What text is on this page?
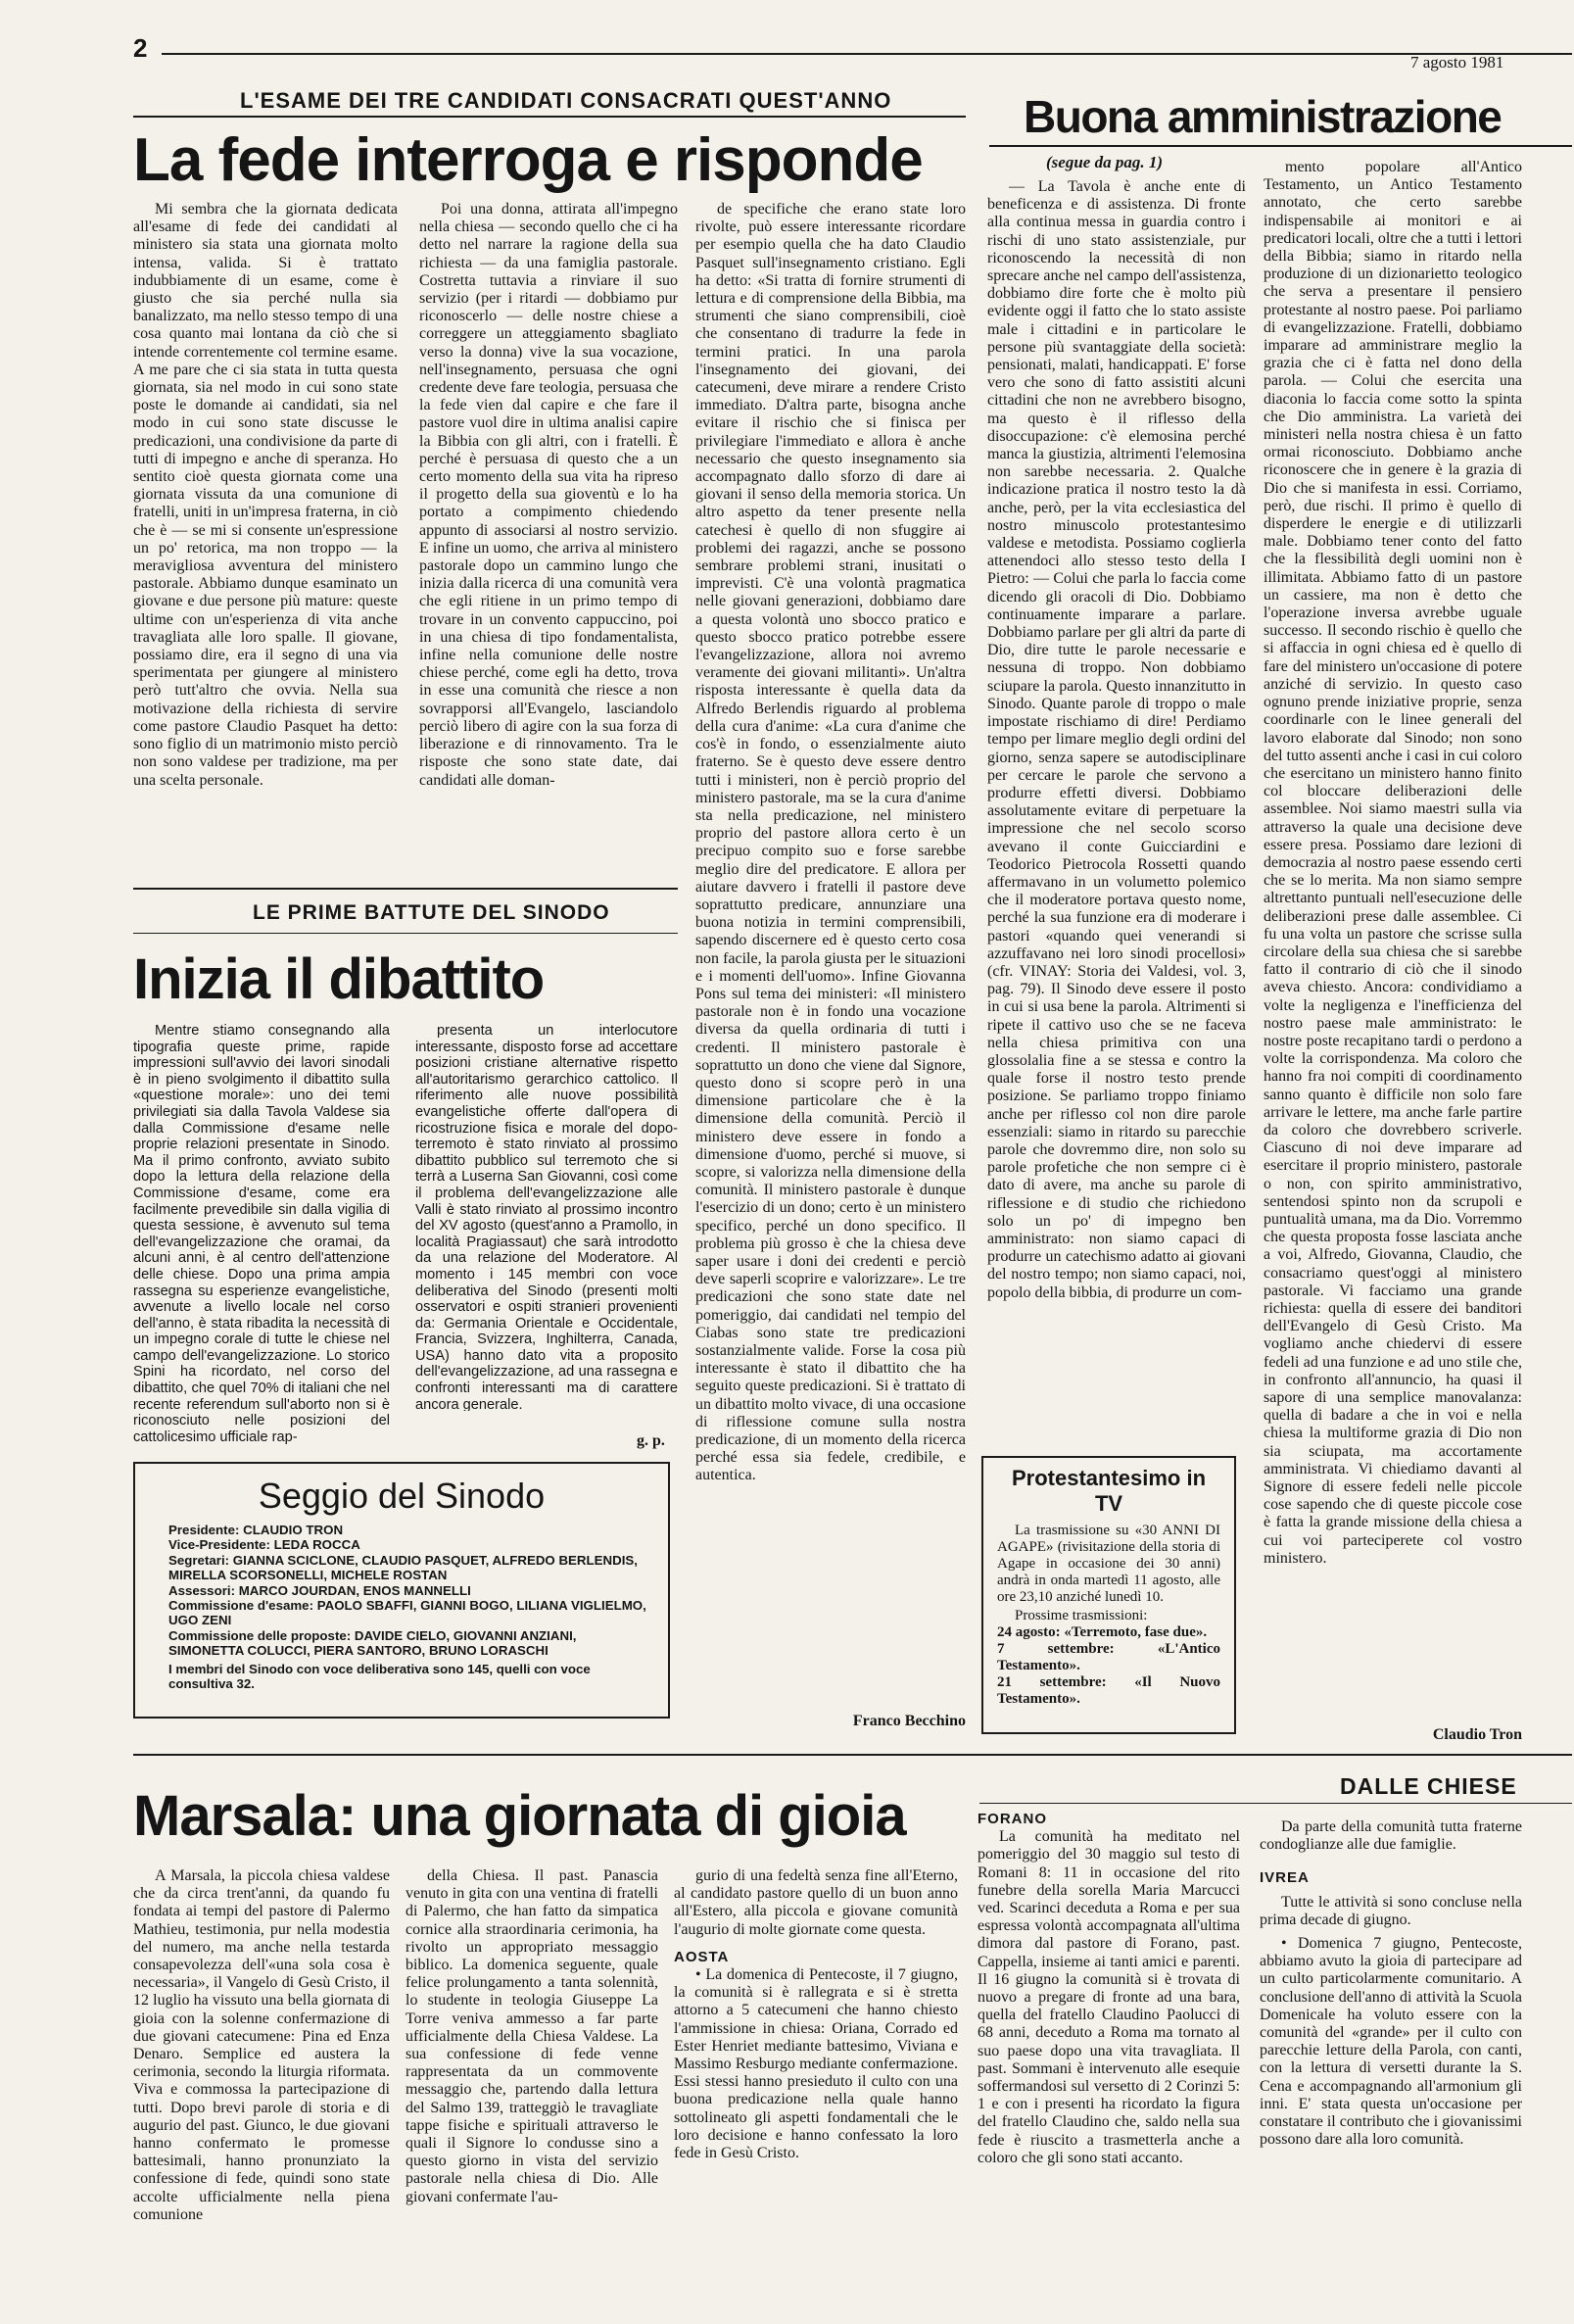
2	7 agosto 1981
L'ESAME DEI TRE CANDIDATI CONSACRATI QUEST'ANNO
La fede interroga e risponde

Mi sembra che la giornata dedicata all'esame di fede dei candidati al ministero sia stata una giornata molto intensa, valida. Si è trattato indubbiamente di un esame, come è giusto che sia perché nulla sia banalizzato, ma nello stesso tempo di una cosa quanto mai lontana da ciò che si intende correntemente col termine esame. A me pare che ci sia stata in tutta questa giornata, sia nel modo in cui sono state poste le domande ai candidati, sia nel modo in cui sono state discusse le predicazioni, una condivisione da parte di tutti di impegno e anche di speranza. Ho sentito cioè questa giornata come una giornata vissuta da una comunione di fratelli, uniti in un'impresa fraterna, in ciò che è — se mi si consente un'espressione un po' retorica, ma non troppo — la meravigliosa avventura del ministero pastorale. Abbiamo dunque esaminato un giovane e due persone più mature: queste ultime con un'esperienza di vita anche travagliata alle loro spalle. Il giovane, possiamo dire, era il segno di una via sperimentata per giungere al ministero però tutt'altro che ovvia. Nella sua motivazione della richiesta di servire come pastore Claudio Pasquet ha detto: sono figlio di un matrimonio misto perciò non sono valdese per tradizione, ma per una scelta personale.

Poi una donna, attirata all'impegno nella chiesa — secondo quello che ci ha detto nel narrare la ragione della sua richiesta — da una famiglia pastorale. Costretta tuttavia a rinviare il suo servizio (per i ritardi — dobbiamo pur riconoscerlo — delle nostre chiese a correggere un atteggiamento sbagliato verso la donna) vive la sua vocazione, nell'insegnamento, persuasa che ogni credente deve fare teologia, persuasa che la fede vien dal capire e che fare il pastore vuol dire in ultima analisi capire la Bibbia con gli altri, con i fratelli. È perché è persuasa di questo che a un certo momento della sua vita ha ripreso il progetto della sua gioventù e lo ha portato a compimento chiedendo appunto di associarsi al nostro servizio. E infine un uomo, che arriva al ministero pastorale dopo un cammino lungo che inizia dalla ricerca di una comunità vera che egli ritiene in un primo tempo di trovare in un convento cappuccino, poi in una chiesa di tipo fondamentalista, infine nella comunione delle nostre chiese perché, come egli ha detto, trova in esse una comunità che riesce a non sovrapporsi all'Evangelo, lasciandolo perciò libero di agire con la sua forza di liberazione e di rinnovamento. Tra le risposte che sono state date, dai candidati alle doman-

de specifiche che erano state loro rivolte, può essere interessante ricordare per esempio quella che ha dato Claudio Pasquet sull'insegnamento cristiano. Egli ha detto: «Si tratta di fornire strumenti di lettura e di comprensione della Bibbia, ma strumenti che siano comprensibili, cioè che consentano di tradurre la fede in termini pratici. In una parola l'insegnamento dei giovani, dei catecumeni, deve mirare a rendere Cristo immediato. D'altra parte, bisogna anche evitare il rischio che si finisca per privilegiare l'immediato e allora è anche necessario che questo insegnamento sia accompagnato dallo sforzo di dare ai giovani il senso della memoria storica. Un altro aspetto da tener presente nella catechesi è quello di non sfuggire ai problemi dei ragazzi, anche se possono sembrare problemi strani, inusitati o imprevisti. C'è una volontà pragmatica nelle giovani generazioni, dobbiamo dare a questa volontà uno sbocco pratico e questo sbocco pratico potrebbe essere l'evangelizzazione, allora noi avremo veramente dei giovani militanti». Un'altra risposta interessante è quella data da Alfredo Berlendis riguardo al problema della cura d'anime: «La cura d'anime che cos'è in fondo, o essenzialmente aiuto fraterno. Se è questo deve essere dentro tutti i ministeri, non è perciò proprio del ministero pastorale, ma se la cura d'anime sta nella predicazione, nel ministero proprio del pastore allora certo è un precipuo compito suo e forse sarebbe meglio dire del predicatore. E allora per aiutare davvero i fratelli il pastore deve soprattutto predicare, annunziare una buona notizia in termini comprensibili, sapendo discernere ed è questo certo cosa non facile, la parola giusta per le situazioni e i momenti dell'uomo». Infine Giovanna Pons sul tema dei ministeri: «Il ministero pastorale non è in fondo una vocazione diversa da quella ordinaria di tutti i credenti. Il ministero pastorale è soprattutto un dono che viene dal Signore, questo dono si scopre però in una dimensione particolare che è la dimensione della comunità. Perciò il ministero deve essere in fondo a dimensione d'uomo, perché si muove, si scopre, si valorizza nella dimensione della comunità. Il ministero pastorale è dunque l'esercizio di un dono; certo è un ministero specifico, perché un dono specifico. Il problema più grosso è che la chiesa deve saper usare i doni dei credenti e perciò deve saperli scoprire e valorizzare». Le tre predicazioni che sono state date nel pomeriggio, dai candidati nel tempio del Ciabas sono state tre predicazioni sostanzialmente valide. Forse la cosa più interessante è stato il dibattito che ha seguito queste predicazioni. Si è trattato di un dibattito molto vivace, di una occasione di riflessione comune sulla nostra predicazione, di un momento della ricerca perché essa sia fedele, credibile, e autentica.

Franco Becchino
LE PRIME BATTUTE DEL SINODO
Inizia il dibattito

Mentre stiamo consegnando alla tipografia queste prime, rapide impressioni sull'avvio dei lavori sinodali è in pieno svolgimento il dibattito sulla «questione morale»: uno dei temi privilegiati sia dalla Tavola Valdese sia dalla Commissione d'esame nelle proprie relazioni presentate in Sinodo. Ma il primo confronto, avviato subito dopo la lettura della relazione della Commissione d'esame, come era facilmente prevedibile sin dalla vigilia di questa sessione, è avvenuto sul tema dell'evangelizzazione che oramai, da alcuni anni, è al centro dell'attenzione delle chiese. Dopo una prima ampia rassegna su esperienze evangelistiche, avvenute a livello locale nel corso dell'anno, è stata ribadita la necessità di un impegno corale di tutte le chiese nel campo dell'evangelizzazione. Lo storico Spini ha ricordato, nel corso del dibattito, che quel 70% di italiani che nel recente referendum sull'aborto non si è riconosciuto nelle posizioni del cattolicesimo ufficiale rap-

presenta un interlocutore interessante, disposto forse ad accettare posizioni cristiane alternative rispetto all'autoritarismo gerarchico cattolico. Il riferimento alle nuove possibilità evangelistiche offerte dall'opera di ricostruzione fisica e morale del dopo-terremoto è stato rinviato al prossimo dibattito pubblico sul terremoto che si terrà a Luserna San Giovanni, così come il problema dell'evangelizzazione alle Valli è stato rinviato al prossimo incontro del XV agosto (quest'anno a Pramollo, in località Pragiassaut) che sarà introdotto da una relazione del Moderatore. Al momento i 145 membri con voce deliberativa del Sinodo (presenti molti osservatori e ospiti stranieri provenienti da: Germania Orientale e Occidentale, Francia, Svizzera, Inghilterra, Canada, USA) hanno dato vita a proposito dell'evangelizzazione, ad una rassegna e confronti interessanti ma di carattere ancora generale.

g. p.
Seggio del Sinodo
Presidente: CLAUDIO TRON
Vice-Presidente: LEDA ROCCA
Segretari: GIANNA SCICLONE, CLAUDIO PASQUET, ALFREDO BERLENDIS, MIRELLA SCORSONELLI, MICHELE ROSTAN
Assessori: MARCO JOURDAN, ENOS MANNELLI
Commissione d'esame: PAOLO SBAFFI, GIANNI BOGO, LILIANA VIGLIELMO, UGO ZENI
Commissione delle proposte: DAVIDE CIELO, GIOVANNI ANZIANI, SIMONETTA COLUCCI, PIERA SANTORO, BRUNO LORASCHI
I membri del Sinodo con voce deliberativa sono 145, quelli con voce consultiva 32.
Buona amministrazione
(segue da pag. 1)

— La Tavola è anche ente di beneficenza e di assistenza. Di fronte alla continua messa in guardia contro i rischi di uno stato assistenziale, pur riconoscendo la necessità di non sprecare anche nel campo dell'assistenza, dobbiamo dire forte che è molto più evidente oggi il fatto che lo stato assiste male i cittadini e in particolare le persone più svantaggiate della società: pensionati, malati, handicappati. E' forse vero che sono di fatto assistiti alcuni cittadini che non ne avrebbero bisogno, ma questo è il riflesso della disoccupazione: c'è elemosina perché manca la giustizia, altrimenti l'elemosina non sarebbe necessaria. 2. Qualche indicazione pratica il nostro testo la dà anche, però, per la vita ecclesiastica del nostro minuscolo protestantesimo valdese e metodista. Possiamo coglierla attenendoci allo stesso testo della I Pietro: — Colui che parla lo faccia come dicendo gli oracoli di Dio. Dobbiamo continuamente imparare a parlare. Dobbiamo parlare per gli altri da parte di Dio, dire tutte le parole necessarie e nessuna di troppo. Non dobbiamo sciupare la parola. Questo innanzitutto in Sinodo. Quante parole di troppo o male impostate rischiamo di dire! Perdiamo tempo per limare meglio degli ordini del giorno, senza sapere se autodisciplinare per cercare le parole che servono a produrre effetti diversi. Dobbiamo assolutamente evitare di perpetuare la impressione che nel secolo scorso avevano il conte Guicciardini e Teodorico Pietrocola Rossetti quando affermavano in un volumetto polemico che il moderatore portava questo nome, perché la sua funzione era di moderare i pastori «quando quei venerandi si azzuffavano nei loro sinodi procellosi» (cfr. VINAY: Storia dei Valdesi, vol. 3, pag. 79). Il Sinodo deve essere il posto in cui si usa bene la parola. Altrimenti si ripete il cattivo uso che se ne faceva nella chiesa primitiva con una glossolalia fine a se stessa e contro la quale forse il nostro testo prende posizione. Se parliamo troppo finiamo anche per riflesso col non dire parole essenziali: siamo in ritardo su parecchie parole che dovremmo dire, non solo su parole profetiche che non sempre ci è dato di avere, ma anche su parole di riflessione e di studio che richiedono solo un po' di impegno ben amministrato: non siamo capaci di produrre un catechismo adatto ai giovani del nostro tempo; non siamo capaci, noi, popolo della bibbia, di produrre un com-

mento popolare all'Antico Testamento, un Antico Testamento annotato, che certo sarebbe indispensabile ai monitori e ai predicatori locali, oltre che a tutti i lettori della Bibbia; siamo in ritardo nella produzione di un dizionarietto teologico che serva a presentare il pensiero protestante al nostro paese. Poi parliamo di evangelizzazione. Fratelli, dobbiamo imparare ad amministrare meglio la grazia che ci è fatta nel dono della parola. — Colui che esercita una diaconia lo faccia come sotto la spinta che Dio amministra. La varietà dei ministeri nella nostra chiesa è un fatto ormai riconosciuto. Dobbiamo anche riconoscere che in genere è la grazia di Dio che si manifesta in essi. Corriamo, però, due rischi. Il primo è quello di disperdere le energie e di utilizzarli male. Dobbiamo tener conto del fatto che la flessibilità degli uomini non è illimitata. Abbiamo fatto di un pastore un cassiere, ma non è detto che l'operazione inversa avrebbe uguale successo. Il secondo rischio è quello che si affaccia in ogni chiesa ed è quello di fare del ministero un'occasione di potere anziché di servizio. In questo caso ognuno prende iniziative proprie, senza coordinarle con le linee generali del lavoro elaborate dal Sinodo; non sono del tutto assenti anche i casi in cui coloro che esercitano un ministero hanno finito col bloccare deliberazioni delle assemblee. Noi siamo maestri sulla via attraverso la quale una decisione deve essere presa. Possiamo dare lezioni di democrazia al nostro paese essendo certi che se lo merita. Ma non siamo sempre altrettanto puntuali nell'esecuzione delle deliberazioni prese dalle assemblee. Ci fu una volta un pastore che scrisse sulla circolare della sua chiesa che si sarebbe fatto il contrario di ciò che il sinodo aveva chiesto. Ancora: condividiamo a volte la negligenza e l'inefficienza del nostro paese male amministrato: le nostre poste recapitano tardi o perdono a volte la corrispondenza. Ma coloro che hanno fra noi compiti di coordinamento sanno quanto è difficile non solo fare arrivare le lettere, ma anche farle partire da coloro che dovrebbero scriverle. Ciascuno di noi deve imparare ad esercitare il proprio ministero, pastorale o non, con spirito amministrativo, sentendosi spinto non da scrupoli e puntualità umana, ma da Dio. Vorremmo che questa proposta fosse lasciata anche a voi, Alfredo, Giovanna, Claudio, che consacriamo quest'oggi al ministero pastorale. Vi facciamo una grande richiesta: quella di essere dei banditori dell'Evangelo di Gesù Cristo. Ma vogliamo anche chiedervi di essere fedeli ad una funzione e ad uno stile che, in confronto all'annuncio, ha quasi il sapore di una semplice manovalanza: quella di badare a che in voi e nella chiesa la multiforme grazia di Dio non sia sciupata, ma accortamente amministrata. Vi chiediamo davanti al Signore di essere fedeli nelle piccole cose sapendo che di queste piccole cose è fatta la grande missione della chiesa a cui voi parteciperete col vostro ministero.

Claudio Tron
Protestantesimo in TV

La trasmissione su «30 ANNI DI AGAPE» (rivisitazione della storia di Agape in occasione dei 30 anni) andrà in onda martedì 11 agosto, alle ore 23,10 anziché lunedì 10.

Prossime trasmissioni:

24 agosto: «Terremoto, fase due».
7 settembre: «L'Antico Testamento».
21 settembre: «Il Nuovo Testamento».
DALLE CHIESE
Marsala: una giornata di gioia

A Marsala, la piccola chiesa valdese che da circa trent'anni, da quando fu fondata ai tempi del pastore di Palermo Mathieu, testimonia, pur nella modestia del numero, ma anche nella testarda consapevolezza dell'«una sola cosa è necessaria», il Vangelo di Gesù Cristo, il 12 luglio ha vissuto una bella giornata di gioia con la solenne confermazione di due giovani catecumene: Pina ed Enza Denaro. Semplice ed austera la cerimonia, secondo la liturgia riformata. Viva e commossa la partecipazione di tutti. Dopo brevi parole di storia e di augurio del past. Giunco, le due giovani hanno confermato le promesse battesimali, hanno pronunziato la confessione di fede, quindi sono state accolte ufficialmente nella piena comunione

della Chiesa. Il past. Panascia venuto in gita con una ventina di fratelli di Palermo, che han fatto da simpatica cornice alla straordinaria cerimonia, ha rivolto un appropriato messaggio biblico. La domenica seguente, quale felice prolungamento a tanta solennità, lo studente in teologia Giuseppe La Torre veniva ammesso a far parte ufficialmente della Chiesa Valdese. La sua confessione di fede venne rappresentata da un commovente messaggio che, partendo dalla lettura del Salmo 139, tratteggiò le travagliate tappe fisiche e spirituali attraverso le quali il Signore lo condusse sino a questo giorno in vista del servizio pastorale nella chiesa di Dio. Alle giovani confermate l'au-

gurio di una fedeltà senza fine all'Eterno, al candidato pastore quello di un buon anno all'Estero, alla piccola e giovane comunità l'augurio di molte giornate come questa.

AOSTA

• La domenica di Pentecoste, il 7 giugno, la comunità si è rallegrata e si è stretta attorno a 5 catecumeni che hanno chiesto l'ammissione in chiesa: Oriana, Corrado ed Ester Henriet mediante battesimo, Viviana e Massimo Resburgo mediante confermazione. Essi stessi hanno presieduto il culto con una buona predicazione nella quale hanno sottolineato gli aspetti fondamentali che le loro decisione e hanno confessato la loro fede in Gesù Cristo.

FORANO

La comunità ha meditato nel pomeriggio del 30 maggio sul testo di Romani 8: 11 in occasione del rito funebre della sorella Maria Marcucci ved. Scarinci deceduta a Roma e per sua espressa volontà accompagnata all'ultima dimora dal pastore di Forano, past. Cappella, insieme ai tanti amici e parenti. Il 16 giugno la comunità si è trovata di nuovo a pregare di fronte ad una bara, quella del fratello Claudino Paolucci di 68 anni, deceduto a Roma ma tornato al suo paese dopo una vita travagliata. Il past. Sommani è intervenuto alle esequie soffermandosi sul versetto di 2 Corinzi 5: 1 e con i presenti ha ricordato la figura del fratello Claudino che, saldo nella sua fede è riuscito a trasmetterla anche a coloro che gli sono stati accanto.

Da parte della comunità tutta fraterne condoglianze alle due famiglie.

IVREA

Tutte le attività si sono concluse nella prima decade di giugno.

• Domenica 7 giugno, Pentecoste, abbiamo avuto la gioia di partecipare ad un culto particolarmente comunitario. A conclusione dell'anno di attività la Scuola Domenicale ha voluto essere con la comunità del «grande» per il culto con parecchie letture della Parola, con canti, con la lettura di versetti durante la S. Cena e accompagnando all'armonium gli inni. E' stata questa un'occasione per constatare il contributo che i giovanissimi possono dare alla loro comunità.
